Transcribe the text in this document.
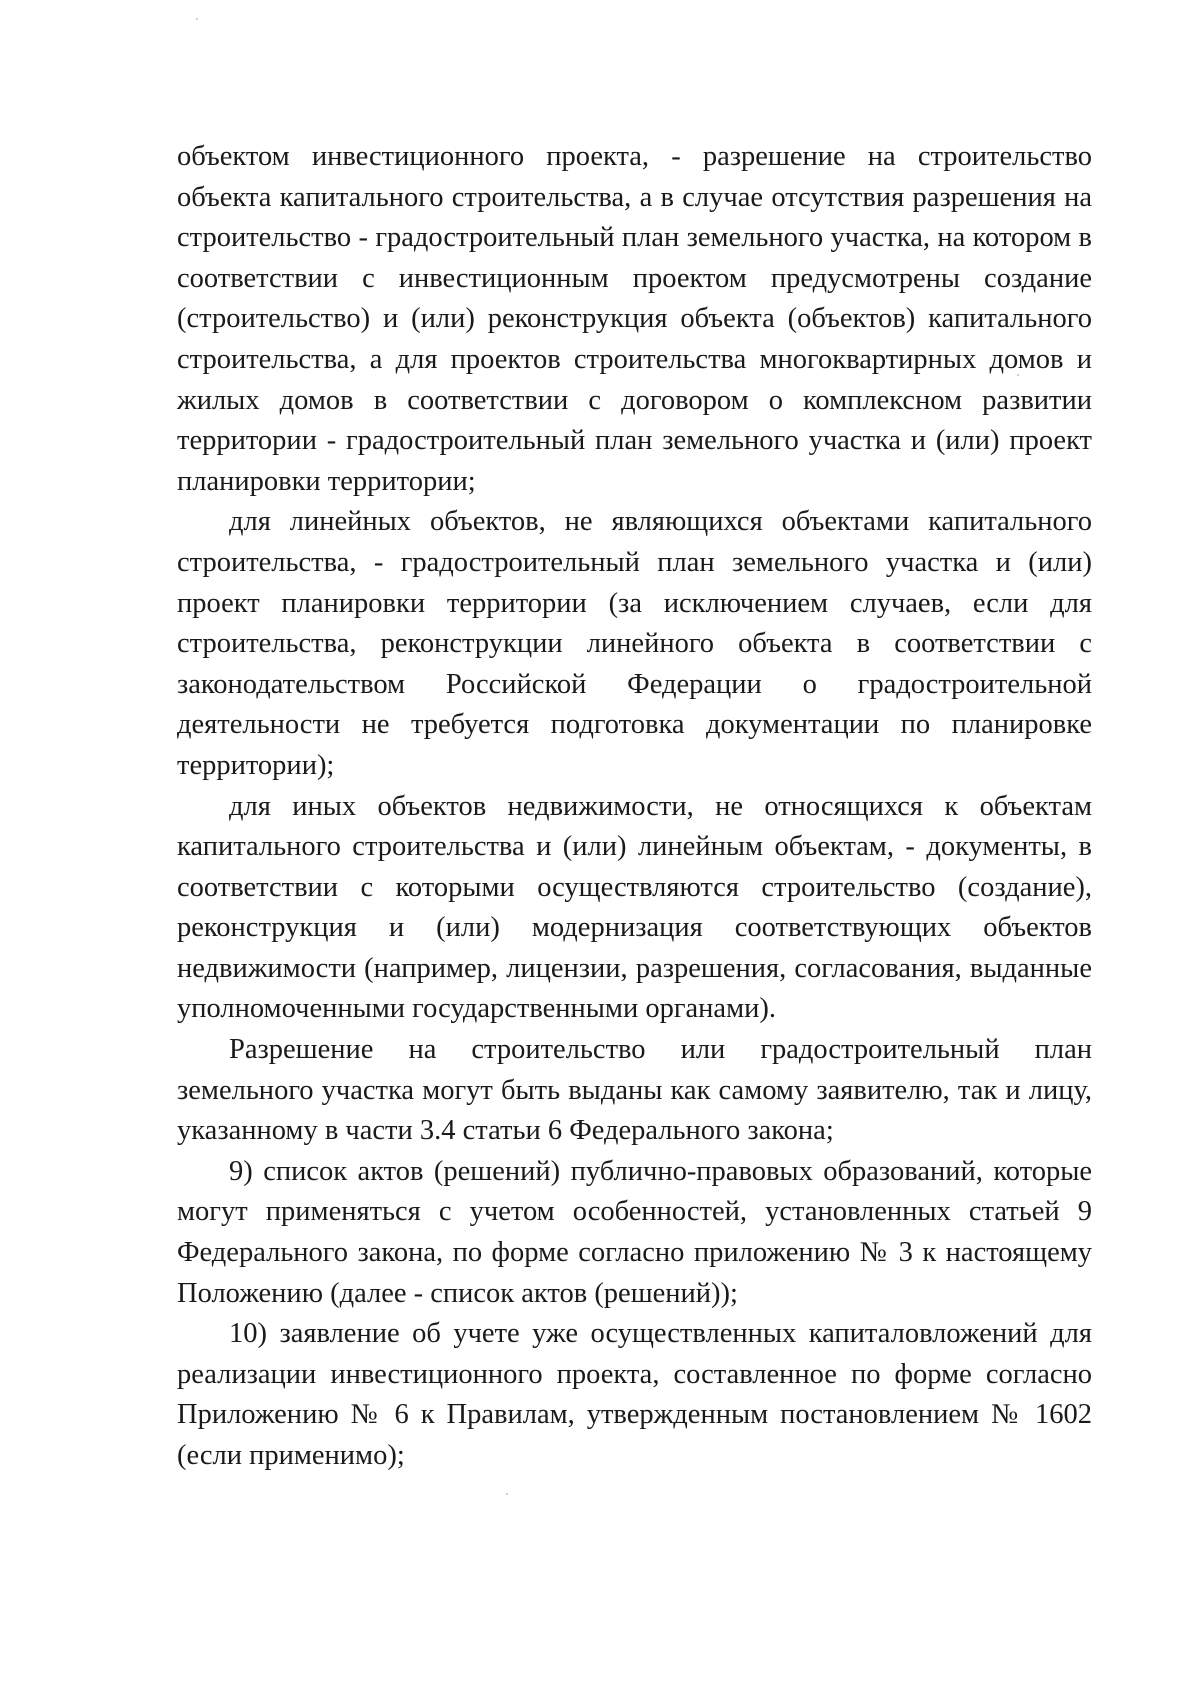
объектом инвестиционного проекта, - разрешение на строительство объекта капитального строительства, а в случае отсутствия разрешения на строительство - градостроительный план земельного участка, на котором в соответствии с инвестиционным проектом предусмотрены создание (строительство) и (или) реконструкция объекта (объектов) капитального строительства, а для проектов строительства многоквартирных домов и жилых домов в соответствии с договором о комплексном развитии территории - градостроительный план земельного участка и (или) проект планировки территории;

для линейных объектов, не являющихся объектами капитального строительства, - градостроительный план земельного участка и (или) проект планировки территории (за исключением случаев, если для строительства, реконструкции линейного объекта в соответствии с законодательством Российской Федерации о градостроительной деятельности не требуется подготовка документации по планировке территории);

для иных объектов недвижимости, не относящихся к объектам капитального строительства и (или) линейным объектам, - документы, в соответствии с которыми осуществляются строительство (создание), реконструкция и (или) модернизация соответствующих объектов недвижимости (например, лицензии, разрешения, согласования, выданные уполномоченными государственными органами).

Разрешение на строительство или градостроительный план земельного участка могут быть выданы как самому заявителю, так и лицу, указанному в части 3.4 статьи 6 Федерального закона;

9) список актов (решений) публично-правовых образований, которые могут применяться с учетом особенностей, установленных статьей 9 Федерального закона, по форме согласно приложению № 3 к настоящему Положению (далее - список актов (решений));

10) заявление об учете уже осуществленных капиталовложений для реализации инвестиционного проекта, составленное по форме согласно Приложению № 6 к Правилам, утвержденным постановлением № 1602 (если применимо);
